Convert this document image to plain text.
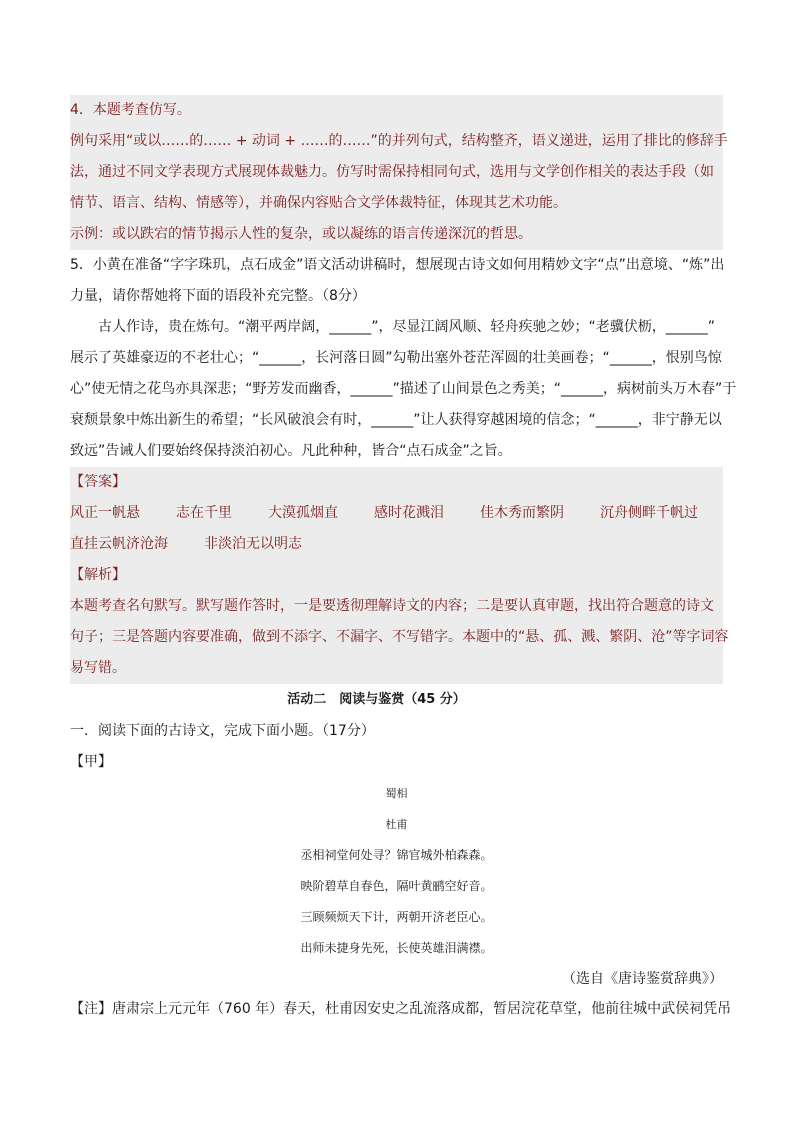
4．本题考查仿写。
例句采用“或以……的…… + 动词 + ……的……”的并列句式，结构整齐，语义递进，运用了排比的修辞手
法，通过不同文学表现方式展现体裁魅力。仿写时需保持相同句式，选用与文学创作相关的表达手段（如
情节、语言、结构、情感等），并确保内容贴合文学体裁特征，体现其艺术功能。
示例：或以跌宕的情节揭示人性的复杂，或以凝练的语言传递深沉的哲思。
5．小黄在准备“字字珠玑，点石成金”语文活动讲稿时，想展现古诗文如何用精妙文字“点”出意境、“炼”出
力量，请你帮她将下面的语段补充完整。（8分）
古人作诗，贵在炼句。“潮平两岸阔，______”，尽显江阔风顺、轻舟疾驰之妙；“老骥伏枥，______”
展示了英雄豪迈的不老壮心；“______，长河落日圆”勾勒出塞外苍茫浑圆的壮美画卷；“______，恨别鸟惊
心”使无情之花鸟亦具深悲；“野芳发而幽香，______”描述了山间景色之秀美；“______，病树前头万木春”于
衰颓景象中炼出新生的希望；“长风破浪会有时，______”让人获得穿越困境的信念；“______，非宁静无以
致远”告诫人们要始终保持淡泊初心。凡此种种，皆合“点石成金”之旨。
【答案】
风正一帆悬	志在千里	大漠孤烟直	感时花溅泪	佳木秀而繁阴	沉舟侧畔千帆过
直挂云帆济沧海	非淡泊无以明志
【解析】
本题考查名句默写。默写题作答时，一是要透彻理解诗文的内容；二是要认真审题，找出符合题意的诗文
句子；三是答题内容要准确，做到不添字、不漏字、不写错字。本题中的“悬、孤、溅、繁阴、沧”等字词容
易写错。
活动二　阅读与鉴赏（45 分）
一．阅读下面的古诗文，完成下面小题。（17分）
【甲】
蜀相
杜甫
丞相祠堂何处寻？锦官城外柏森森。
映阶碧草自春色，隔叶黄鹂空好音。
三顾频烦天下计，两朝开济老臣心。
出师未捷身先死，长使英雄泪满襟。
（选自《唐诗鉴赏辞典》）
【注】唐肃宗上元元年（760 年）春天，杜甫因安史之乱流落成都，暂居浣花草堂，他前往城中武侯祠凭吊
